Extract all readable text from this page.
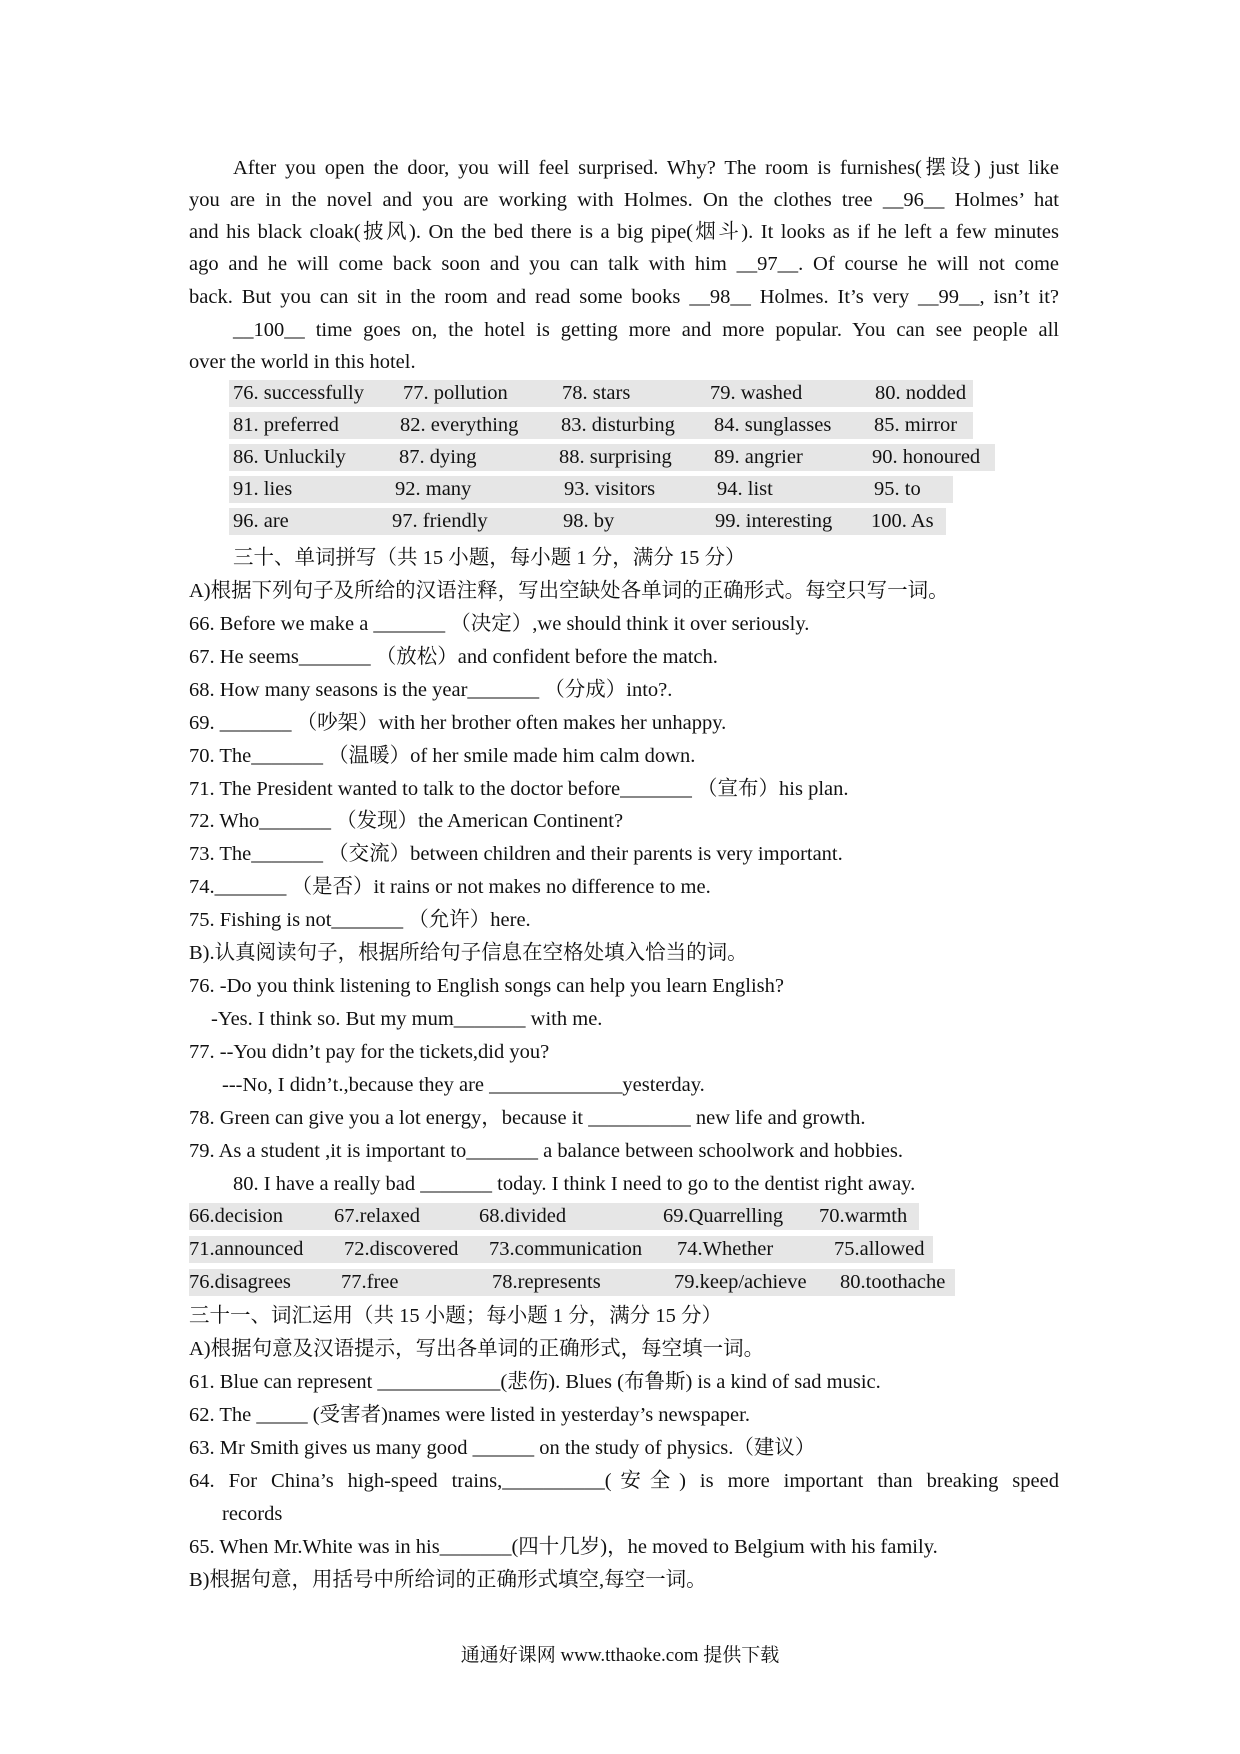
After you open the door, you will feel surprised. Why? The room is furnishes(摆设) just like
you are in the novel and you are working with Holmes. On the clothes tree __96__ Holmes’ hat
and his black cloak(披风). On the bed there is a big pipe(烟斗). It looks as if he left a few minutes
ago and he will come back soon and you can talk with him __97__. Of course he will not come
back. But you can sit in the room and read some books __98__ Holmes. It’s very __99__, isn’t it?
__100__ time goes on, the hotel is getting more and more popular. You can see people all
over the world in this hotel.
76. successfully 77. pollution	78. stars	79. washed	80. nodded
81. preferred	82. everything 83. disturbing 84. sunglasses 85. mirror
86. Unluckily	87. dying	88. surprising 89. angrier	90. honoured
91. lies	92. many	93. visitors	94. list	95. to
96. are	97. friendly	98. by	99. interesting 100. As
三十、单词拼写（共 15 小题，每小题 1 分，满分 15 分）
A)根据下列句子及所给的汉语注释，写出空缺处各单词的正确形式。每空只写一词。
66. Before we make a _______ （决定）,we should think it over seriously.
67. He seems_______ （放松）and confident before the match.
68. How many seasons is the year_______ （分成）into?.
69. _______ （吵架）with her brother often makes her unhappy.
70. The_______ （温暖）of her smile made him calm down.
71. The President wanted to talk to the doctor before_______ （宣布）his plan.
72. Who_______ （发现）the American Continent?
73. The_______ （交流）between children and their parents is very important.
74._______ （是否）it rains or not makes no difference to me.
75. Fishing is not_______ （允许）here.
B).认真阅读句子，根据所给句子信息在空格处填入恰当的词。
76. -Do you think listening to English songs can help you learn English?
-Yes. I think so. But my mum_______ with me.
77. --You didn’t pay for the tickets,did you?
---No, I didn’t.,because they are _____________yesterday.
78. Green can give you a lot energy，because it __________ new life and growth.
79. As a student ,it is important to_______ a balance between schoolwork and hobbies.
80. I have a really bad _______ today. I think I need to go to the dentist right away.
66.decision 67.relaxed	68.divided	69.Quarrelling 70.warmth
71.announced 72.discovered 73.communication 74.Whether	75.allowed
76.disagrees 77.free	78.represents	79.keep/achieve 80.toothache
三十一、词汇运用（共 15 小题；每小题 1 分，满分 15 分）
A)根据句意及汉语提示，写出各单词的正确形式，每空填一词。
61. Blue can represent ____________(悲伤). Blues (布鲁斯) is a kind of sad music.
62. The _____ (受害者)names were listed in yesterday’s newspaper.
63. Mr Smith gives us many good ______ on the study of physics.（建议）
64. For China’s high-speed trains,__________(安全) is more important than breaking speed
records
65. When Mr.White was in his_______(四十几岁)，he moved to Belgium with his family.
B)根据句意，用括号中所给词的正确形式填空,每空一词。
通通好课网 www.tthaoke.com 提供下载
